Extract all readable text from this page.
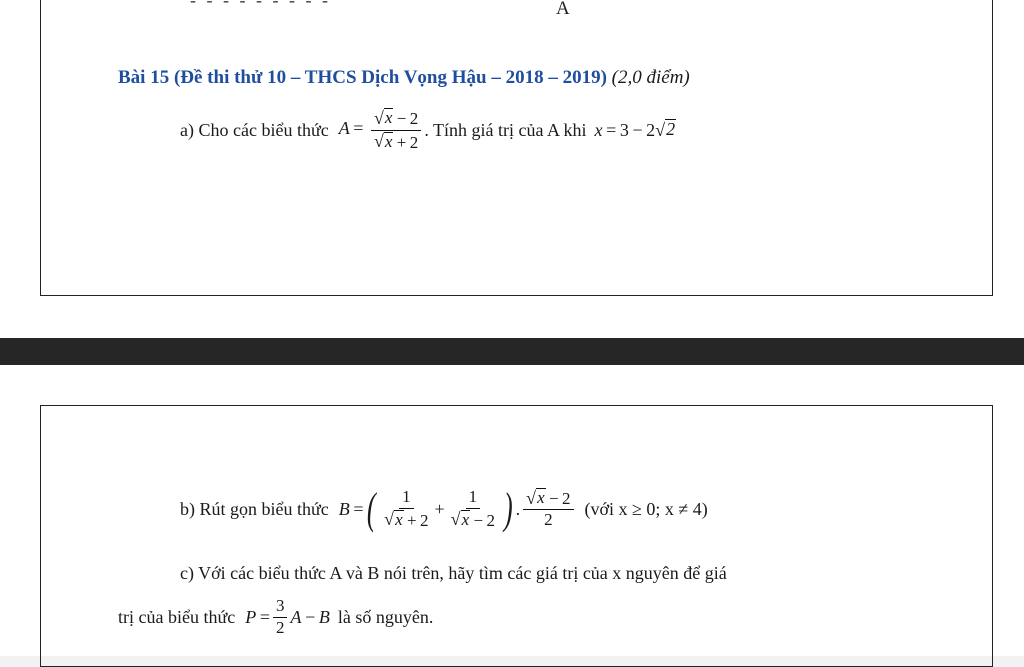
- - - - - - - - -	A
Bài 15 (Đề thi thử 10 – THCS Dịch Vọng Hậu – 2018 – 2019) (2,0 điểm)
a) Cho các biểu thức $A = \frac{√ x - 2}{√ x + 2}$ . Tính giá trị của A khi x = 3 − 2 √ 2
b) Rút gọn biểu thức B  = ( $\frac{1}{√ x + 2} + \frac{1}{√ x - 2}$ ) . $\frac{√ x - 2}{2}$ (với x ≥ 0; x ≠ 4)
c) Với các biểu thức A và B nói trên, hãy tìm các giá trị của x nguyên để giá
trị của biểu thức $P = \frac{3}{2}$ A  −  B là số nguyên.
